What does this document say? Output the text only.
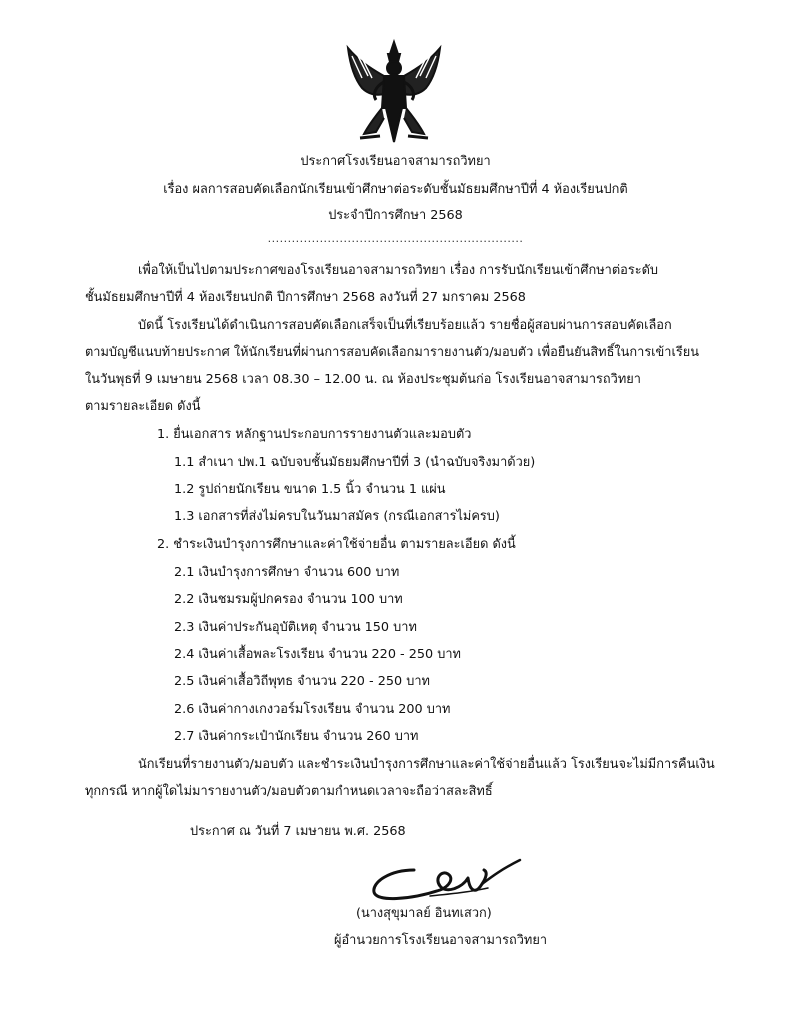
ประกาศโรงเรียนอาจสามารถวิทยา
เรื่อง ผลการสอบคัดเลือกนักเรียนเข้าศึกษาต่อระดับชั้นมัธยมศึกษาปีที่ 4 ห้องเรียนปกติ
ประจำปีการศึกษา 2568
................................................................
เพื่อให้เป็นไปตามประกาศของโรงเรียนอาจสามารถวิทยา เรื่อง การรับนักเรียนเข้าศึกษาต่อระดับ
ชั้นมัธยมศึกษาปีที่ 4 ห้องเรียนปกติ ปีการศึกษา 2568 ลงวันที่ 27 มกราคม 2568
บัดนี้ โรงเรียนได้ดำเนินการสอบคัดเลือกเสร็จเป็นที่เรียบร้อยแล้ว รายชื่อผู้สอบผ่านการสอบคัดเลือก
ตามบัญชีแนบท้ายประกาศ ให้นักเรียนที่ผ่านการสอบคัดเลือกมารายงานตัว/มอบตัว เพื่อยืนยันสิทธิ์ในการเข้าเรียน
ในวันพุธที่ 9 เมษายน 2568 เวลา 08.30 – 12.00 น. ณ ห้องประชุมต้นก่อ โรงเรียนอาจสามารถวิทยา
ตามรายละเอียด ดังนี้
1. ยื่นเอกสาร หลักฐานประกอบการรายงานตัวและมอบตัว
1.1 สำเนา ปพ.1 ฉบับจบชั้นมัธยมศึกษาปีที่ 3 (นำฉบับจริงมาด้วย)
1.2 รูปถ่ายนักเรียน ขนาด 1.5 นิ้ว จำนวน 1 แผ่น
1.3 เอกสารที่ส่งไม่ครบในวันมาสมัคร (กรณีเอกสารไม่ครบ)
2. ชำระเงินบำรุงการศึกษาและค่าใช้จ่ายอื่น ตามรายละเอียด ดังนี้
2.1 เงินบำรุงการศึกษา จำนวน 600 บาท
2.2 เงินชมรมผู้ปกครอง จำนวน 100 บาท
2.3 เงินค่าประกันอุบัติเหตุ จำนวน 150 บาท
2.4 เงินค่าเสื้อพละโรงเรียน จำนวน 220 - 250 บาท
2.5 เงินค่าเสื้อวิถีพุทธ จำนวน 220 - 250 บาท
2.6 เงินค่ากางเกงวอร์มโรงเรียน จำนวน 200 บาท
2.7 เงินค่ากระเป๋านักเรียน จำนวน 260 บาท
นักเรียนที่รายงานตัว/มอบตัว และชำระเงินบำรุงการศึกษาและค่าใช้จ่ายอื่นแล้ว โรงเรียนจะไม่มีการคืนเงิน
ทุกกรณี หากผู้ใดไม่มารายงานตัว/มอบตัวตามกำหนดเวลาจะถือว่าสละสิทธิ์
ประกาศ ณ วันที่ 7 เมษายน พ.ศ. 2568
(นางสุขุมาลย์ อินทเสวก)
ผู้อำนวยการโรงเรียนอาจสามารถวิทยา
